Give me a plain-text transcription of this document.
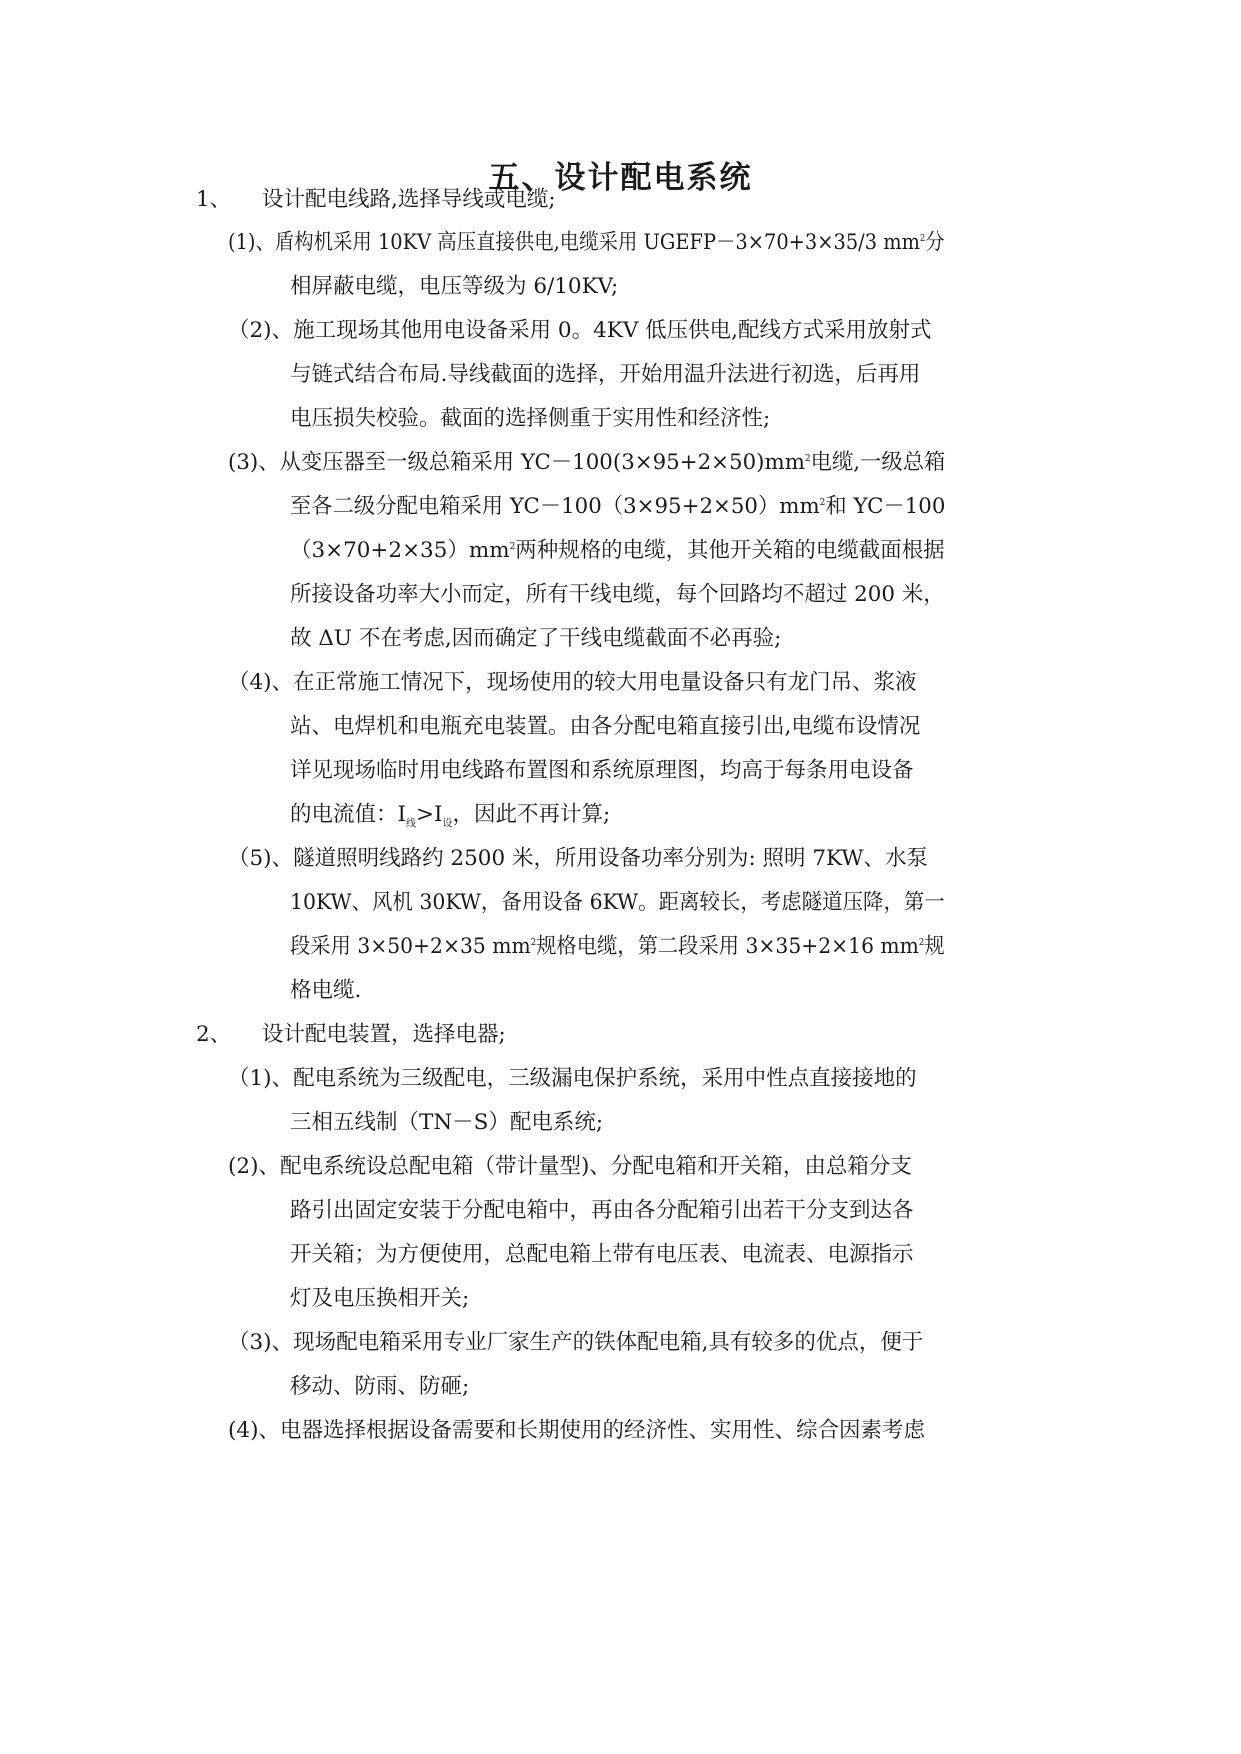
五、设计配电系统
1、 设计配电线路,选择导线或电缆;
(1)、盾构机采用 10KV 高压直接供电,电缆采用 UGEFP－3×70+3×35/3 $mm^2$分
相屏蔽电缆，电压等级为 6/10KV;
（2)、施工现场其他用电设备采用 0。4KV 低压供电,配线方式采用放射式
与链式结合布局.导线截面的选择，开始用温升法进行初选，后再用
电压损失校验。截面的选择侧重于实用性和经济性;
(3)、从变压器至一级总箱采用 $YC-100(3\times 95+2\times 50)mm^2$电缆,一级总箱
至各二级分配电箱采用 $YC-100(3\times 95+2\times 50)mm^2$和 YC－100
$(3\times 70+2\times 35)mm^2$两种规格的电缆，其他开关箱的电缆截面根据
所接设备功率大小而定，所有干线电缆，每个回路均不超过 200 米，
故 ΔU 不在考虑,因而确定了干线电缆截面不必再验;
（4)、在正常施工情况下，现场使用的较大用电量设备只有龙门吊、浆液
站、电焊机和电瓶充电装置。由各分配电箱直接引出,电缆布设情况
详见现场临时用电线路布置图和系统原理图，均高于每条用电设备
的电流值：$I_线>I_设$，因此不再计算;
（5)、隧道照明线路约 2500 米，所用设备功率分别为: 照明 7KW、水泵
10KW、风机 30KW，备用设备 6KW。距离较长，考虑隧道压降，第一
段采用 3×50+2×35 $mm^2$规格电缆，第二段采用 3×35+2×16 $mm^2$规
格电缆.
2、 设计配电装置，选择电器;
（1)、配电系统为三级配电，三级漏电保护系统，采用中性点直接接地的
三相五线制（TN－S）配电系统;
(2)、配电系统设总配电箱（带计量型)、分配电箱和开关箱，由总箱分支
路引出固定安装于分配电箱中，再由各分配箱引出若干分支到达各
开关箱；为方便使用，总配电箱上带有电压表、电流表、电源指示
灯及电压换相开关;
（3)、现场配电箱采用专业厂家生产的铁体配电箱,具有较多的优点，便于
移动、防雨、防砸;
(4)、电器选择根据设备需要和长期使用的经济性、实用性、综合因素考虑
